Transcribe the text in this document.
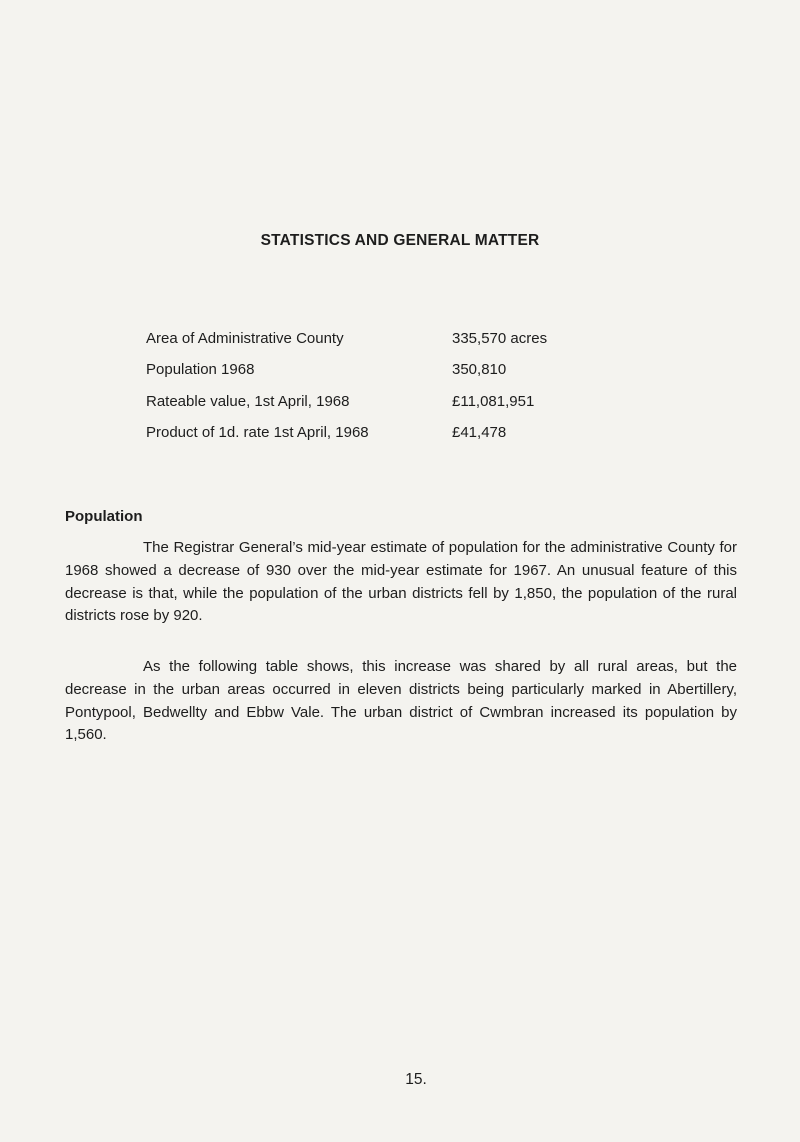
STATISTICS AND GENERAL MATTER
Area of Administrative County	335,570 acres
Population 1968	350,810
Rateable value, 1st April, 1968	£11,081,951
Product of 1d. rate 1st April, 1968	£41,478
Population

The Registrar General’s mid-year estimate of population for the administrative County for 1968 showed a decrease of 930 over the mid-year estimate for 1967. An unusual feature of this decrease is that, while the population of the urban districts fell by 1,850, the population of the rural districts rose by 920.

As the following table shows, this increase was shared by all rural areas, but the decrease in the urban areas occurred in eleven districts being particularly marked in Abertillery, Pontypool, Bedwellty and Ebbw Vale. The urban district of Cwmbran increased its population by 1,560.

15.
